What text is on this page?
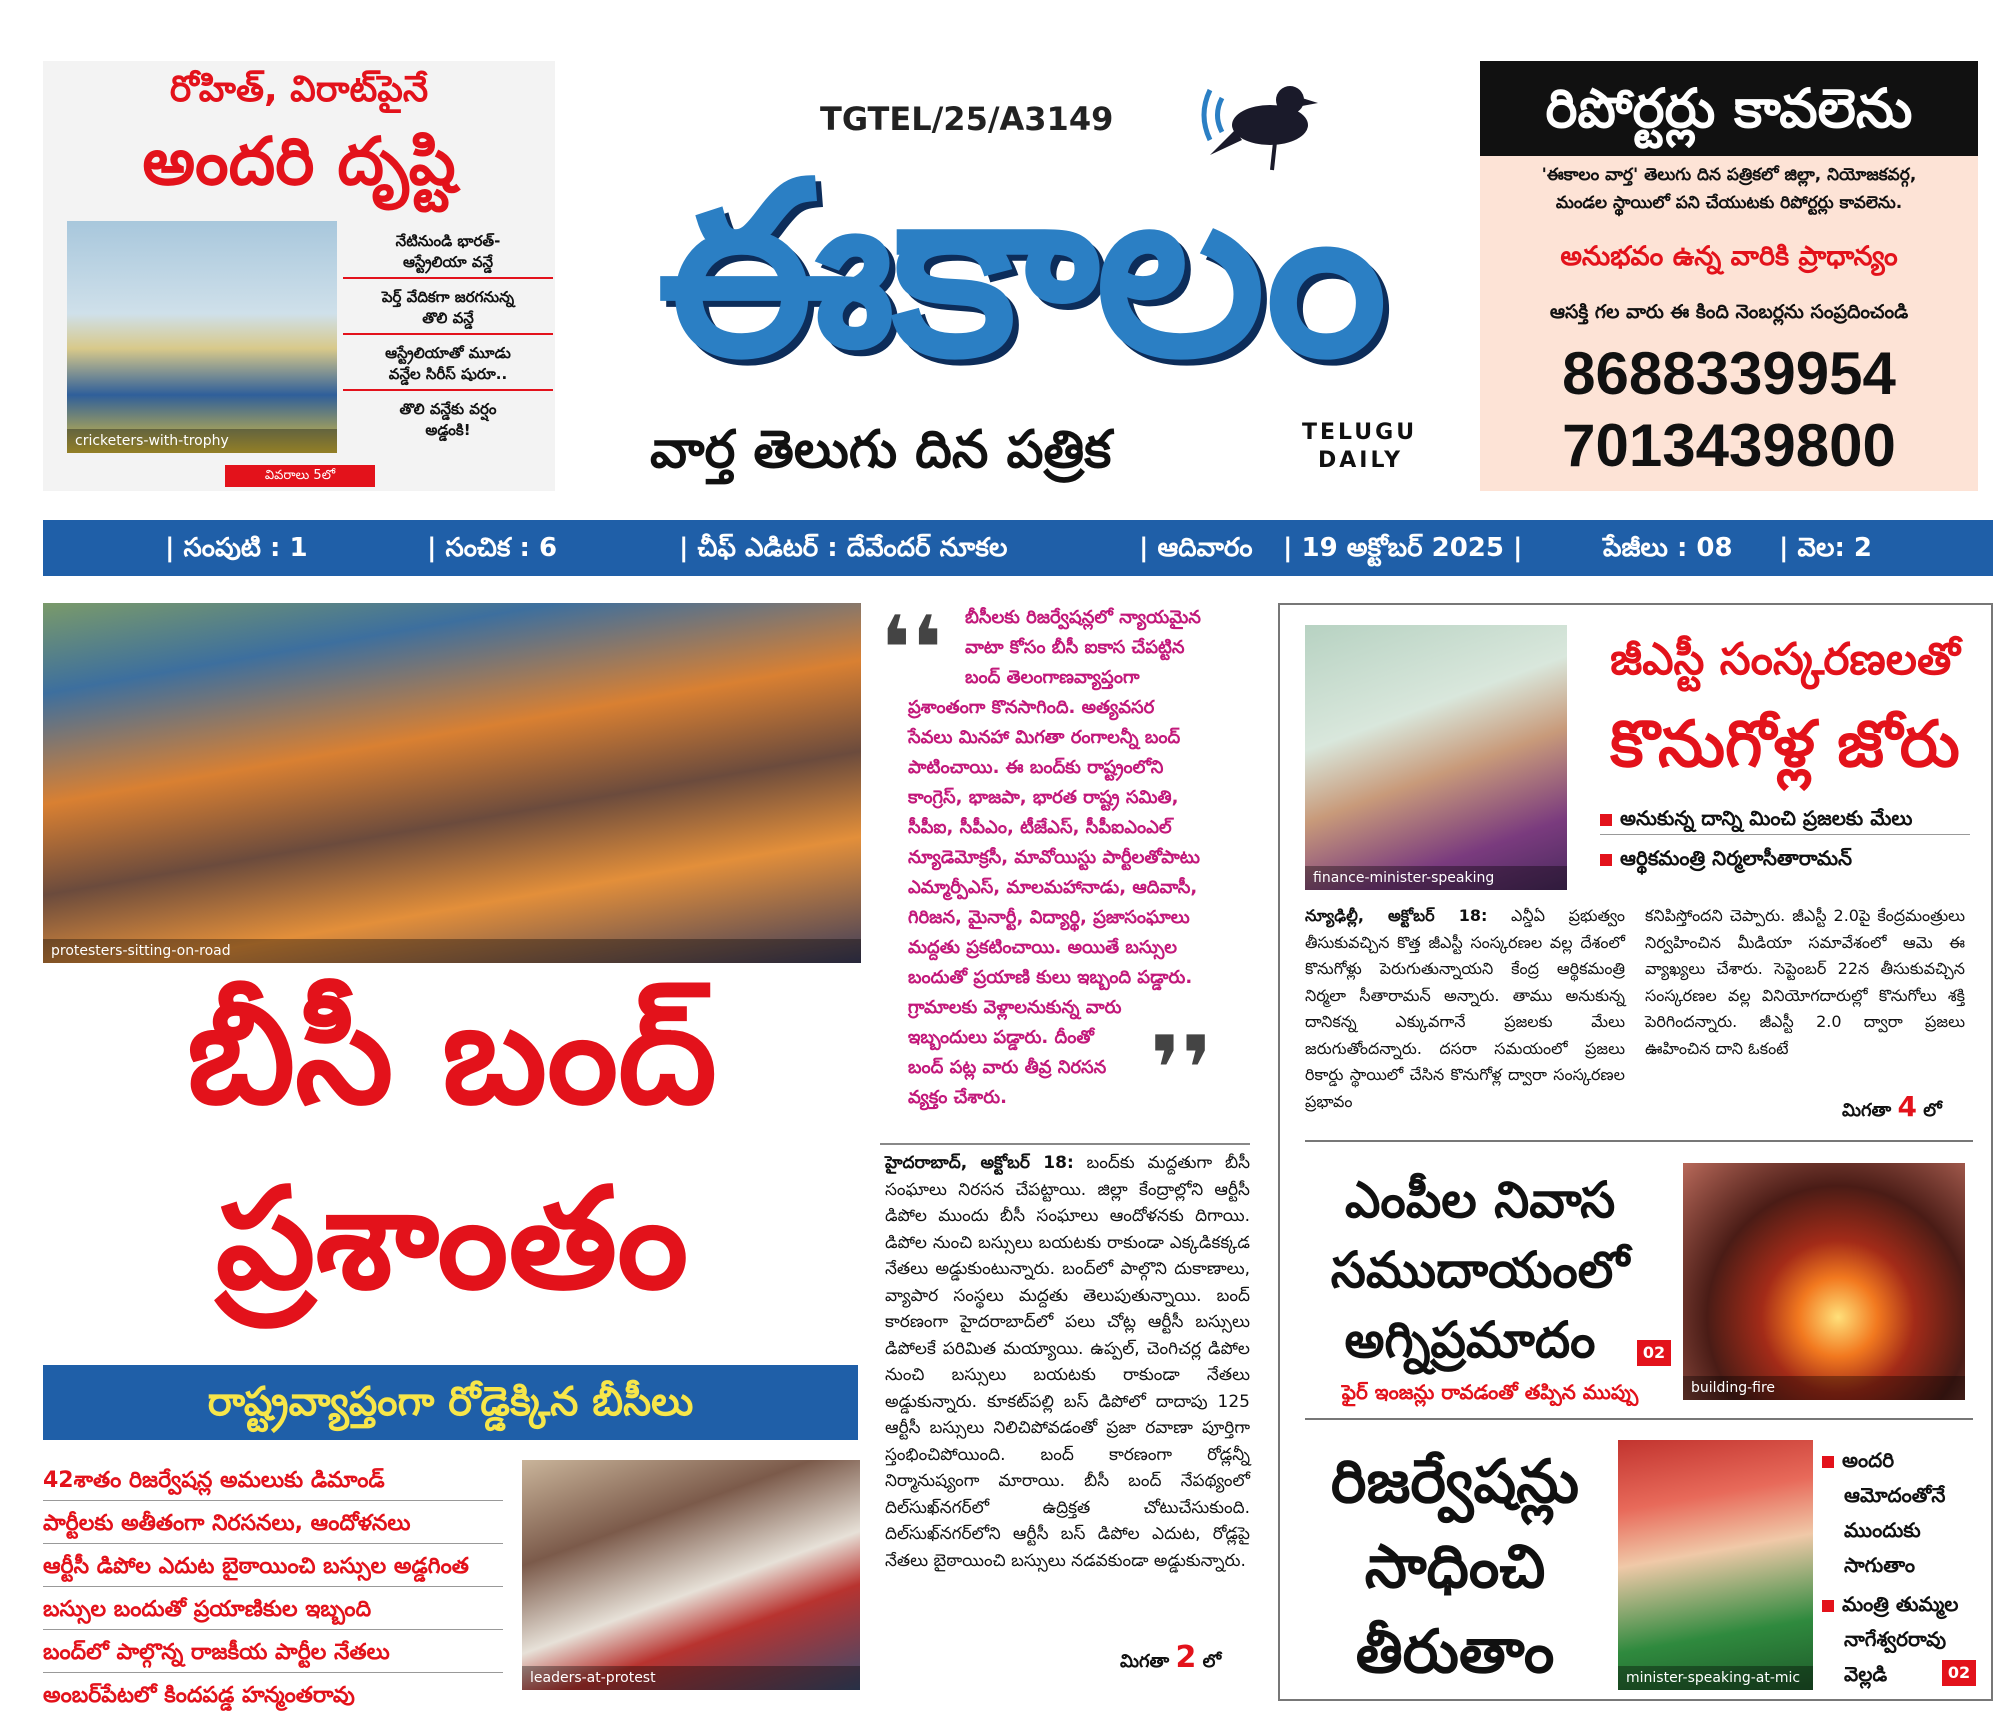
రోహిత్, విరాట్‌పైనే
అందరి దృష్టి
cricketers-with-trophy
నేటినుండి భారత్-
ఆస్ట్రేలియా వన్డే
పెర్త్ వేదికగా జరగనున్న
తొలి వన్డే
ఆస్ట్రేలియాతో మూడు
వన్డేల సిరీస్ షురూ..
తొలి వన్డేకు వర్షం
అడ్డంకి!
వివరాలు 5లో
TGTEL/25/A3149
ఈకాలం
వార్త తెలుగు దిన పత్రిక	TELUGU
DAILY
రిపోర్టర్లు కావలెను
'ఈకాలం వార్త' తెలుగు దిన పత్రికలో జిల్లా, నియోజకవర్గ,
మండల స్థాయిలో పని చేయుటకు రిపోర్టర్లు కావలెను.
అనుభవం ఉన్న వారికి ప్రాధాన్యం
ఆసక్తి గల వారు ఈ కింది నెంబర్లను సంప్రదించండి
8688339954
7013439800
| సంపుటి : 1	| సంచిక : 6	| చీఫ్ ఎడిటర్ : దేవేందర్ నూకల	| ఆదివారం | 19 అక్టోబర్ 2025 |	పేజీలు : 08 | వెల: 2
protesters-sitting-on-road
బీసీ బంద్
ప్రశాంతం
రాష్ట్రవ్యాప్తంగా రోడ్డెక్కిన బీసీలు
42శాతం రిజర్వేషన్ల అమలుకు డిమాండ్
పార్టీలకు అతీతంగా నిరసనలు, ఆందోళనలు
ఆర్టీసీ డిపోల ఎదుట బైఠాయించి బస్సుల అడ్డగింత
బస్సుల బందుతో ప్రయాణికుల ఇబ్బంది
బంద్‌లో పాల్గొన్న రాజకీయ పార్టీల నేతలు
అంబర్‌పేటలో కిందపడ్డ హన్మంతరావు
leaders-at-protest
❛❛	బీసీలకు రిజర్వేషన్లలో న్యాయమైన
వాటా కోసం బీసీ ఐకాస చేపట్టిన
బంద్ తెలంగాణవ్యాప్తంగా
ప్రశాంతంగా కొనసాగింది. అత్యవసర
సేవలు మినహా మిగతా రంగాలన్నీ బంద్
పాటించాయి. ఈ బంద్‌కు రాష్ట్రంలోని
కాంగ్రెస్, భాజపా, భారత రాష్ట్ర సమితి,
సీపీఐ, సీపీఎం, టీజేఎస్, సీపీఐఎంఎల్
న్యూడెమోక్రసీ, మావోయిస్టు పార్టీలతోపాటు
ఎమ్మార్పీఎస్, మాలమహానాడు, ఆదివాసీ,
గిరిజన, మైనార్టీ, విద్యార్థి, ప్రజాసంఘాలు
మద్దతు ప్రకటించాయి. అయితే బస్సుల
బందుతో ప్రయాణి కులు ఇబ్బంది పడ్డారు.
గ్రామాలకు వెళ్లాలనుకున్న వారు
ఇబ్బందులు పడ్డారు. దీంతో
బంద్ పట్ల వారు తీవ్ర నిరసన
వ్యక్తం చేశారు.	❜❜
హైదరాబాద్, అక్టోబర్ 18: బంద్‌కు మద్దతుగా బీసీ సంఘాలు నిరసన చేపట్టాయి. జిల్లా కేంద్రాల్లోని ఆర్టీసీ డిపోల ముందు బీసీ సంఘాలు ఆందోళనకు దిగాయి. డిపోల నుంచి బస్సులు బయటకు రాకుండా ఎక్కడికక్కడ నేతలు అడ్డుకుంటున్నారు. బంద్‌లో పాల్గొని దుకాణాలు, వ్యాపార సంస్థలు మద్దతు తెలుపుతున్నాయి. బంద్ కారణంగా హైదరాబాద్‌లో పలు చోట్ల ఆర్టీసీ బస్సులు డిపోలకే పరిమిత మయ్యాయి. ఉప్పల్, చెంగిచర్ల డిపోల నుంచి బస్సులు బయటకు రాకుండా నేతలు అడ్డుకున్నారు. కూకట్‌పల్లి బస్ డిపోలో దాదాపు 125 ఆర్టీసీ బస్సులు నిలిచిపోవడంతో ప్రజా రవాణా పూర్తిగా స్తంభించిపోయింది. బంద్ కారణంగా రోడ్లన్నీ నిర్మానుష్యంగా మారాయి. బీసీ బంద్ నేపథ్యంలో దిల్‌సుఖ్‌నగర్‌లో ఉద్రిక్తత చోటుచేసుకుంది. దిల్‌సుఖ్‌నగర్‌లోని ఆర్టీసీ బస్ డిపోల ఎదుట, రోడ్లపై నేతలు బైఠాయించి బస్సులు నడవకుండా అడ్డుకున్నారు.
మిగతా 2 లో
finance-minister-speaking
జీఎస్టీ సంస్కరణలతో
కొనుగోళ్ల జోరు
అనుకున్న దాన్ని మించి ప్రజలకు మేలు
ఆర్థికమంత్రి నిర్మలాసీతారామన్
న్యూఢిల్లీ, అక్టోబర్ 18: ఎన్డీఏ ప్రభుత్వం తీసుకువచ్చిన కొత్త జీఎస్టీ సంస్కరణల వల్ల దేశంలో కొనుగోళ్లు పెరుగుతున్నాయని కేంద్ర ఆర్థికమంత్రి నిర్మలా సీతారామన్ అన్నారు. తాము అనుకున్న దానికన్న ఎక్కువగానే ప్రజలకు మేలు జరుగుతోందన్నారు. దసరా సమయంలో ప్రజలు రికార్డు స్థాయిలో చేసిన కొనుగోళ్ల ద్వారా సంస్కరణల ప్రభావం
కనిపిస్తోందని చెప్పారు. జీఎస్టీ 2.0పై కేంద్రమంత్రులు నిర్వహించిన మీడియా సమావేశంలో ఆమె ఈ వ్యాఖ్యలు చేశారు. సెప్టెంబర్ 22న తీసుకువచ్చిన సంస్కరణల వల్ల వినియోగదారుల్లో కొనుగోలు శక్తి పెరిగిందన్నారు. జీఎస్టీ 2.0 ద్వారా ప్రజలు ఊహించిన దాని ఓకంటే
మిగతా 4 లో
ఎంపీల నివాస
సముదాయంలో
అగ్నిప్రమాదం	02
ఫైర్ ఇంజన్లు రావడంతో తప్పిన ముప్పు	building-fire
రిజర్వేషన్లు
సాధించి
తీరుతాం	minister-speaking-at-mic
అందరి
ఆమోదంతోనే
ముందుకు
సాగుతాం
మంత్రి తుమ్మల
నాగేశ్వరరావు
వెల్లడి	02
